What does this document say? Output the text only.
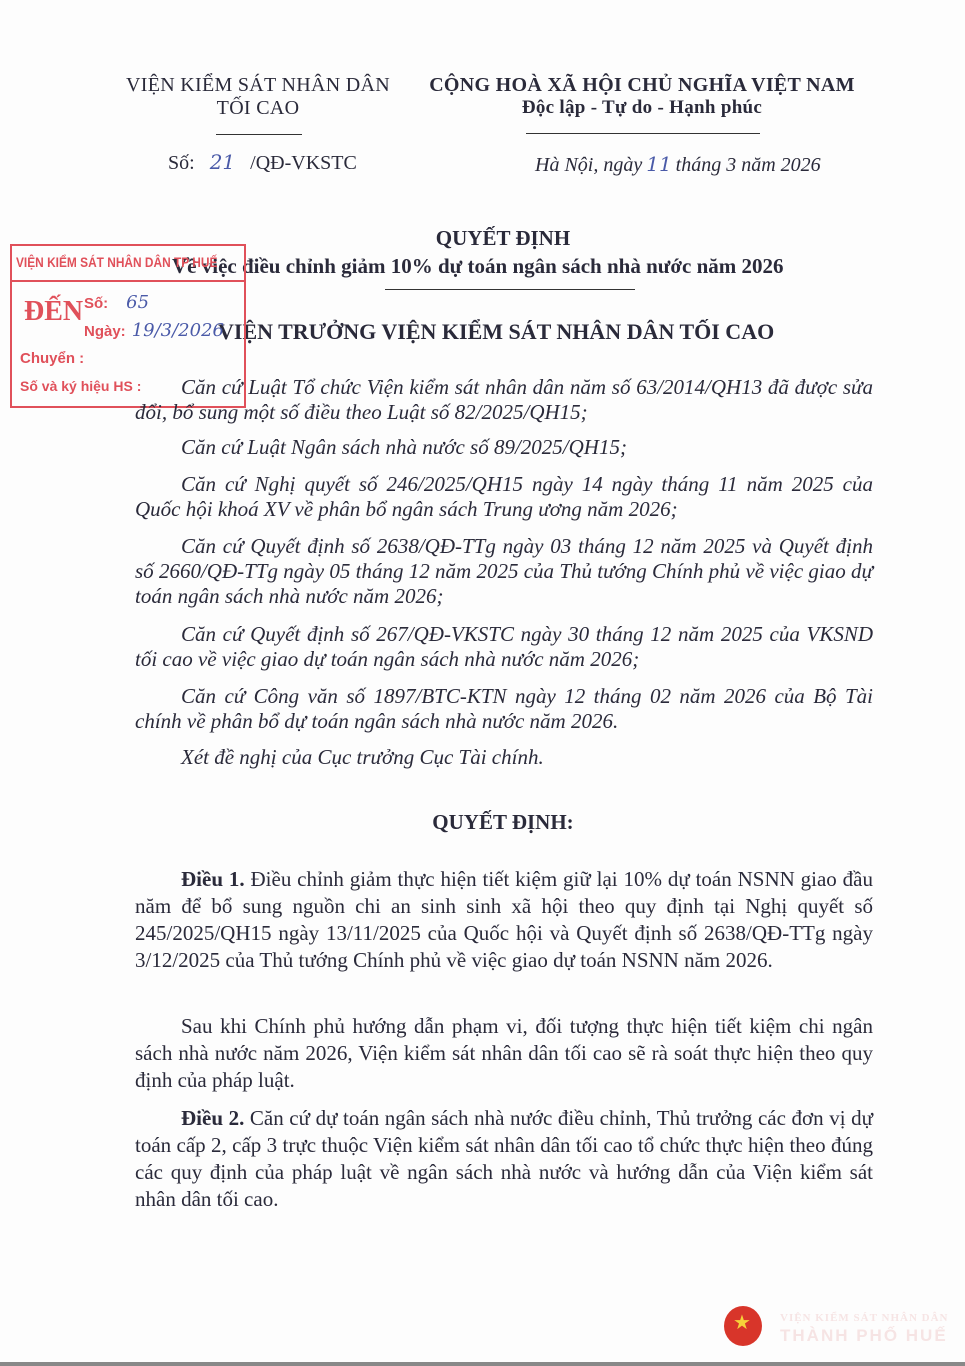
VIỆN KIỂM SÁT NHÂN DÂN
TỐI CAO
CỘNG HOÀ XÃ HỘI CHỦ NGHĨA VIỆT NAM
Độc lập - Tự do - Hạnh phúc
Số: 21 /QĐ-VKSTC	Hà Nội, ngày 11 tháng 3 năm 2026
QUYẾT ĐỊNH
Về việc điều chỉnh giảm 10% dự toán ngân sách nhà nước năm 2026
VIỆN TRƯỞNG VIỆN KIỂM SÁT NHÂN DÂN TỐI CAO
VIỆN KIỂM SÁT NHÂN DÂN TP HUẾ
ĐẾN Số: 65
Ngày: 19/3/2026
Chuyển :
Số và ký hiệu HS :	Căn cứ Luật Tổ chức Viện kiểm sát nhân dân năm số 63/2014/QH13 đã được sửa đổi, bổ sung một số điều theo Luật số 82/2025/QH15;
Căn cứ Luật Ngân sách nhà nước số 89/2025/QH15;
Căn cứ Nghị quyết số 246/2025/QH15 ngày 14 ngày tháng 11 năm 2025 của Quốc hội khoá XV về phân bổ ngân sách Trung ương năm 2026;
Căn cứ Quyết định số 2638/QĐ-TTg ngày 03 tháng 12 năm 2025 và Quyết định số 2660/QĐ-TTg ngày 05 tháng 12 năm 2025 của Thủ tướng Chính phủ về việc giao dự toán ngân sách nhà nước năm 2026;
Căn cứ Quyết định số 267/QĐ-VKSTC ngày 30 tháng 12 năm 2025 của VKSND tối cao về việc giao dự toán ngân sách nhà nước năm 2026;
Căn cứ Công văn số 1897/BTC-KTN ngày 12 tháng 02 năm 2026 của Bộ Tài chính về phân bổ dự toán ngân sách nhà nước năm 2026.
Xét đề nghị của Cục trưởng Cục Tài chính.
QUYẾT ĐỊNH:
Điều 1. Điều chỉnh giảm thực hiện tiết kiệm giữ lại 10% dự toán NSNN giao đầu năm để bổ sung nguồn chi an sinh sinh xã hội theo quy định tại Nghị quyết số 245/2025/QH15 ngày 13/11/2025 của Quốc hội và Quyết định số 2638/QĐ-TTg ngày 3/12/2025 của Thủ tướng Chính phủ về việc giao dự toán NSNN năm 2026.
Sau khi Chính phủ hướng dẫn phạm vi, đối tượng thực hiện tiết kiệm chi ngân sách nhà nước năm 2026, Viện kiểm sát nhân dân tối cao sẽ rà soát thực hiện theo quy định của pháp luật.
Điều 2. Căn cứ dự toán ngân sách nhà nước điều chỉnh, Thủ trưởng các đơn vị dự toán cấp 2, cấp 3 trực thuộc Viện kiểm sát nhân dân tối cao tổ chức thực hiện theo đúng các quy định của pháp luật về ngân sách nhà nước và hướng dẫn của Viện kiểm sát nhân dân tối cao.
★	VIỆN KIỂM SÁT NHÂN DÂN
THÀNH PHỐ HUẾ
